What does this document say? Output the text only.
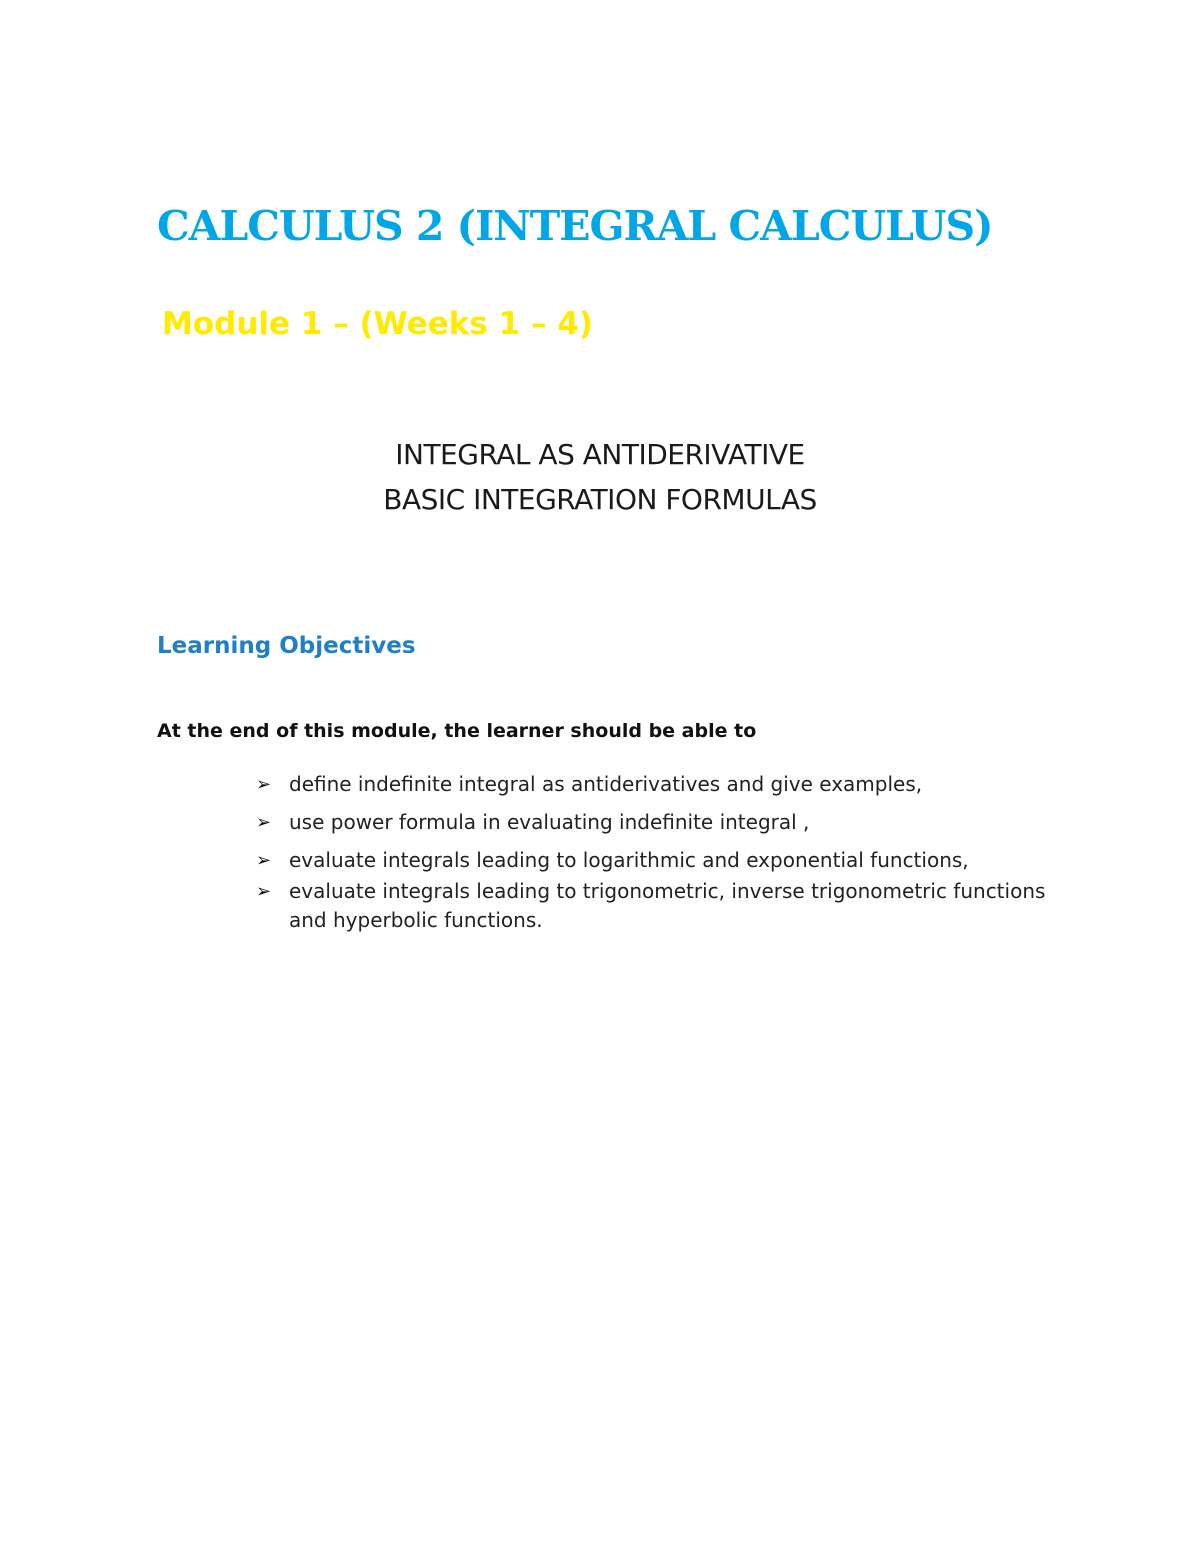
CALCULUS 2 (INTEGRAL CALCULUS)
Module 1 – (Weeks 1 – 4)
INTEGRAL AS ANTIDERIVATIVE
BASIC INTEGRATION FORMULAS
Learning Objectives

At the end of this module, the learner should be able to

➢ define indefinite integral as antiderivatives and give examples,
➢ use power formula in evaluating indefinite integral ,
➢ evaluate integrals leading to logarithmic and exponential functions,
➢ evaluate integrals leading to trigonometric, inverse trigonometric functions and hyperbolic functions.
